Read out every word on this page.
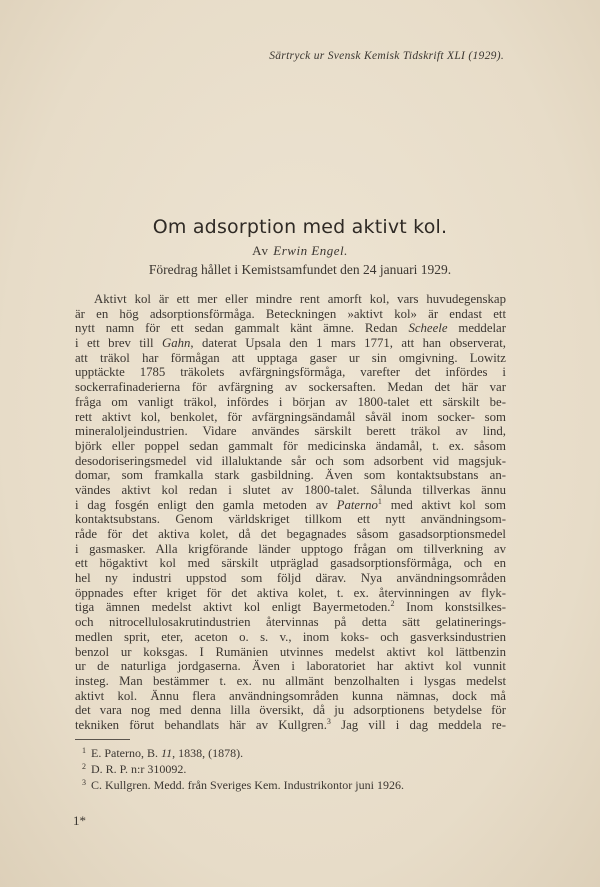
Särtryck ur Svensk Kemisk Tidskrift XLI (1929).
Om adsorption med aktivt kol.
Av Erwin Engel.
Föredrag hållet i Kemistsamfundet den 24 januari 1929.
Aktivt kol är ett mer eller mindre rent amorft kol, vars huvudegenskap
är en hög adsorptionsförmåga. Beteckningen »aktivt kol» är endast ett
nytt namn för ett sedan gammalt känt ämne. Redan Scheele meddelar
i ett brev till Gahn, daterat Upsala den 1 mars 1771, att han observerat,
att träkol har förmågan att upptaga gaser ur sin omgivning. Lowitz
upptäckte 1785 träkolets avfärgningsförmåga, varefter det infördes i
sockerrafinaderierna för avfärgning av sockersaften. Medan det här var
fråga om vanligt träkol, infördes i början av 1800-talet ett särskilt be-
rett aktivt kol, benkolet, för avfärgningsändamål såväl inom socker- som
mineraloljeindustrien. Vidare användes särskilt berett träkol av lind,
björk eller poppel sedan gammalt för medicinska ändamål, t. ex. såsom
desodoriseringsmedel vid illaluktande sår och som adsorbent vid magsjuk-
domar, som framkalla stark gasbildning. Även som kontaktsubstans an-
vändes aktivt kol redan i slutet av 1800-talet. Sålunda tillverkas ännu
i dag fosgén enligt den gamla metoden av Paterno$^1$ med aktivt kol som
kontaktsubstans. Genom världskriget tillkom ett nytt användningsom-
råde för det aktiva kolet, då det begagnades såsom gasadsorptionsmedel
i gasmasker. Alla krigförande länder upptogo frågan om tillverkning av
ett högaktivt kol med särskilt utpräglad gasadsorptionsförmåga, och en
hel ny industri uppstod som följd därav. Nya användningsområden
öppnades efter kriget för det aktiva kolet, t. ex. återvinningen av flyk-
tiga ämnen medelst aktivt kol enligt Bayermetoden.$^2$ Inom konstsilkes-
och nitrocellulosakrutindustrien återvinnas på detta sätt gelatinerings-
medlen sprit, eter, aceton o. s. v., inom koks- och gasverksindustrien
benzol ur koksgas. I Rumänien utvinnes medelst aktivt kol lättbenzin
ur de naturliga jordgaserna. Även i laboratoriet har aktivt kol vunnit
insteg. Man bestämmer t. ex. nu allmänt benzolhalten i lysgas medelst
aktivt kol. Ännu flera användningsområden kunna nämnas, dock må
det vara nog med denna lilla översikt, då ju adsorptionens betydelse för
tekniken förut behandlats här av Kullgren.$^3$ Jag vill i dag meddela re-
$^1$ E. Paterno, B. 11, 1838, (1878).
$^2$ D. R. P. n:r 310092.
$^3$ C. Kullgren. Medd. från Sveriges Kem. Industrikontor juni 1926.
1*
